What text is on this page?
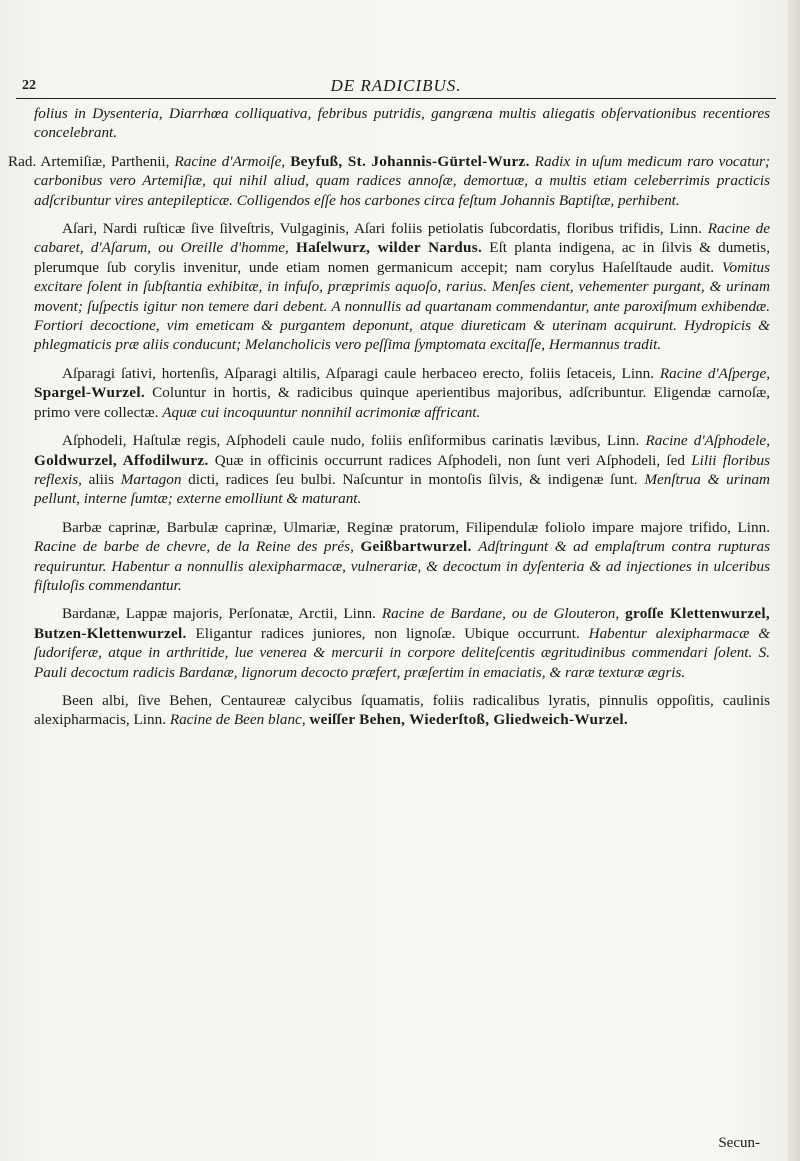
22	DE RADICIBUS.

folius in Dysenteria, Diarrhœa colliquativa, febribus putridis, gangræna multis aliegatis obſervationibus recentiores concelebrant.

Rad. Artemiſiæ, Parthenii, Racine d'Armoiſe, Beyfuß, St. Johannis-Gürtel-Wurz. Radix in uſum medicum raro vocatur; carbonibus vero Artemiſiæ, qui nihil aliud, quam radices annoſæ, demortuæ, a multis etiam celeberrimis practicis adſcribuntur vires antepilepticæ. Colligendos eſſe hos carbones circa feſtum Johannis Baptiſtæ, perhibent.

Aſari, Nardi ruſticæ ſive ſilveſtris, Vulgaginis, Aſari foliis petiolatis ſubcordatis, floribus trifidis, Linn. Racine de cabaret, d'Aſarum, ou Oreille d'homme, Haſelwurz, wilder Nardus. Eſt planta indigena, ac in ſilvis & dumetis, plerumque ſub corylis invenitur, unde etiam nomen germanicum accepit; nam corylus Haſelſtaude audit. Vomitus excitare ſolent in ſubſtantia exhibitæ, in infuſo, præprimis aquoſo, rarius. Menſes cient, vehementer purgant, & urinam movent; ſuſpectis igitur non temere dari debent. A nonnullis ad quartanam commendantur, ante paroxiſmum exhibendæ. Fortiori decoctione, vim emeticam & purgantem deponunt, atque diureticam & uterinam acquirunt. Hydropicis & phlegmaticis præ aliis conducunt; Melancholicis vero peſſima ſymptomata excitaſſe, Hermannus tradit.

Aſparagi ſativi, hortenſis, Aſparagi altilis, Aſparagi caule herbaceo erecto, foliis ſetaceis, Linn. Racine d'Aſperge, Spargel-Wurzel. Coluntur in hortis, & radicibus quinque aperientibus majoribus, adſcribuntur. Eligendæ carnoſæ, primo vere collectæ. Aquæ cui incoquuntur nonnihil acrimoniæ affricant.

Aſphodeli, Haſtulæ regis, Aſphodeli caule nudo, foliis enſiformibus carinatis lævibus, Linn. Racine d'Aſphodele, Goldwurzel, Affodilwurz. Quæ in officinis occurrunt radices Aſphodeli, non ſunt veri Aſphodeli, ſed Lilii floribus reflexis, aliis Martagon dicti, radices ſeu bulbi. Naſcuntur in montoſis ſilvis, & indigenæ ſunt. Menſtrua & urinam pellunt, interne ſumtæ; externe emolliunt & maturant.

Barbæ caprinæ, Barbulæ caprinæ, Ulmariæ, Reginæ pratorum, Filipendulæ foliolo impare majore trifido, Linn. Racine de barbe de chevre, de la Reine des prés, Geißbartwurzel. Adſtringunt & ad emplaſtrum contra rupturas requiruntur. Habentur a nonnullis alexipharmacæ, vulnerariæ, & decoctum in dyſenteria & ad injectiones in ulceribus fiſtuloſis commendantur.

Bardanæ, Lappæ majoris, Perſonatæ, Arctii, Linn. Racine de Bardane, ou de Glouteron, groſſe Klettenwurzel, Butzen-Klettenwurzel. Eligantur radices juniores, non lignoſæ. Ubique occurrunt. Habentur alexipharmacæ & ſudoriferæ, atque in arthritide, lue venerea & mercurii in corpore deliteſcentis ægritudinibus commendari ſolent. S. Pauli decoctum radicis Bardanæ, lignorum decocto præfert, præſertim in emaciatis, & raræ texturæ ægris.

Been albi, ſive Behen, Centaureæ calycibus ſquamatis, foliis radicalibus lyratis, pinnulis oppoſitis, caulinis alexipharmacis, Linn. Racine de Been blanc, weiſſer Behen, Wiederſtoß, Gliedweich-Wurzel.

Secun-
